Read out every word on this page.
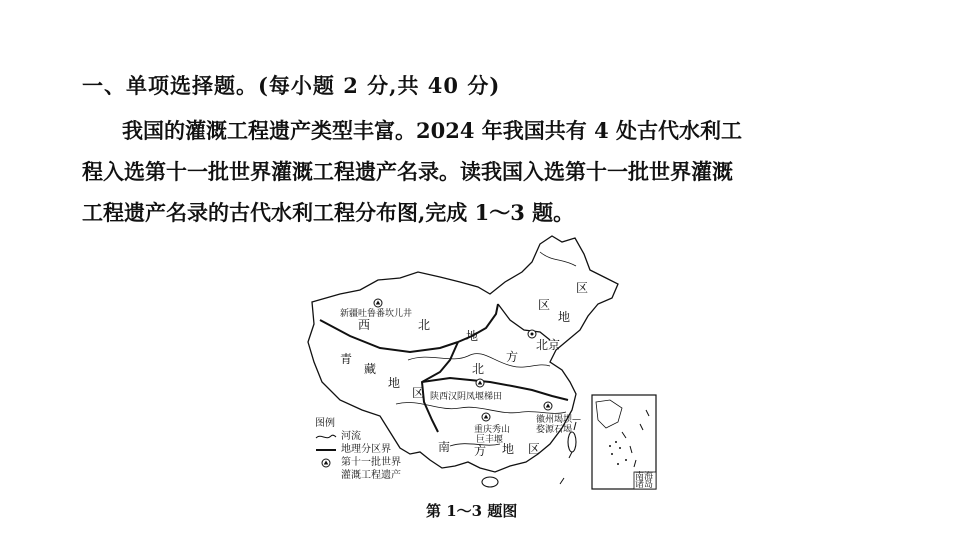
一、单项选择题。(每小题 2 分,共 40 分)
我国的灌溉工程遗产类型丰富。2024 年我国共有 4 处古代水利工
程入选第十一批世界灌溉工程遗产名录。读我国入选第十一批世界灌溉
工程遗产名录的古代水利工程分布图,完成 1～3 题。
西	北
地
北
方
青
藏
地
区
南 方 地 区
区
区
地
北京
新疆吐鲁番坎儿井
陕西汉阴凤堰梯田
重庆秀山
巨丰堰
徽州堨坝—
婺源石堨
南海
诸岛
图例
河流
地理分区界
第十一批世界
灌溉工程遗产
第 1～3 题图
